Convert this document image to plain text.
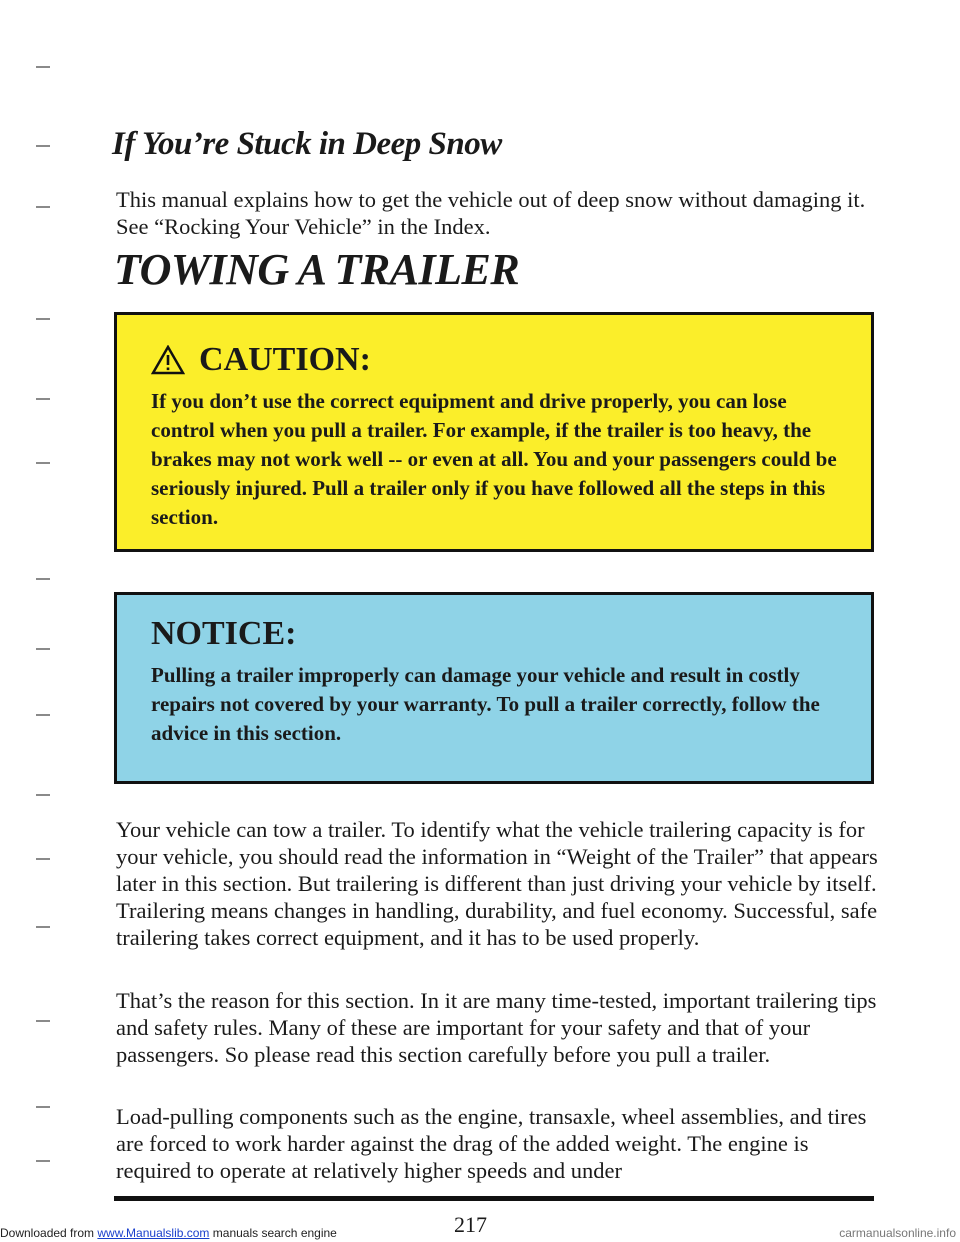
If You’re Stuck in Deep Snow

This manual explains how to get the vehicle out of deep snow without damaging it. See “Rocking Your Vehicle” in the Index.

TOWING A TRAILER
CAUTION:

If you don’t use the correct equipment and drive properly, you can lose control when you pull a trailer. For example, if the trailer is too heavy, the brakes may not work well -- or even at all. You and your passengers could be seriously injured. Pull a trailer only if you have followed all the steps in this section.

NOTICE:

Pulling a trailer improperly can damage your vehicle and result in costly repairs not covered by your warranty. To pull a trailer correctly, follow the advice in this section.

Your vehicle can tow a trailer. To identify what the vehicle trailering capacity is for your vehicle, you should read the information in “Weight of the Trailer” that appears later in this section. But trailering is different than just driving your vehicle by itself. Trailering means changes in handling, durability, and fuel economy. Successful, safe trailering takes correct equipment, and it has to be used properly.

That’s the reason for this section. In it are many time-tested, important trailering tips and safety rules. Many of these are important for your safety and that of your passengers. So please read this section carefully before you pull a trailer.

Load-pulling components such as the engine, transaxle, wheel assemblies, and tires are forced to work harder against the drag of the added weight. The engine is required to operate at relatively higher speeds and under

217

Downloaded from www.Manualslib.com manuals search engine	carmanualsonline.info
